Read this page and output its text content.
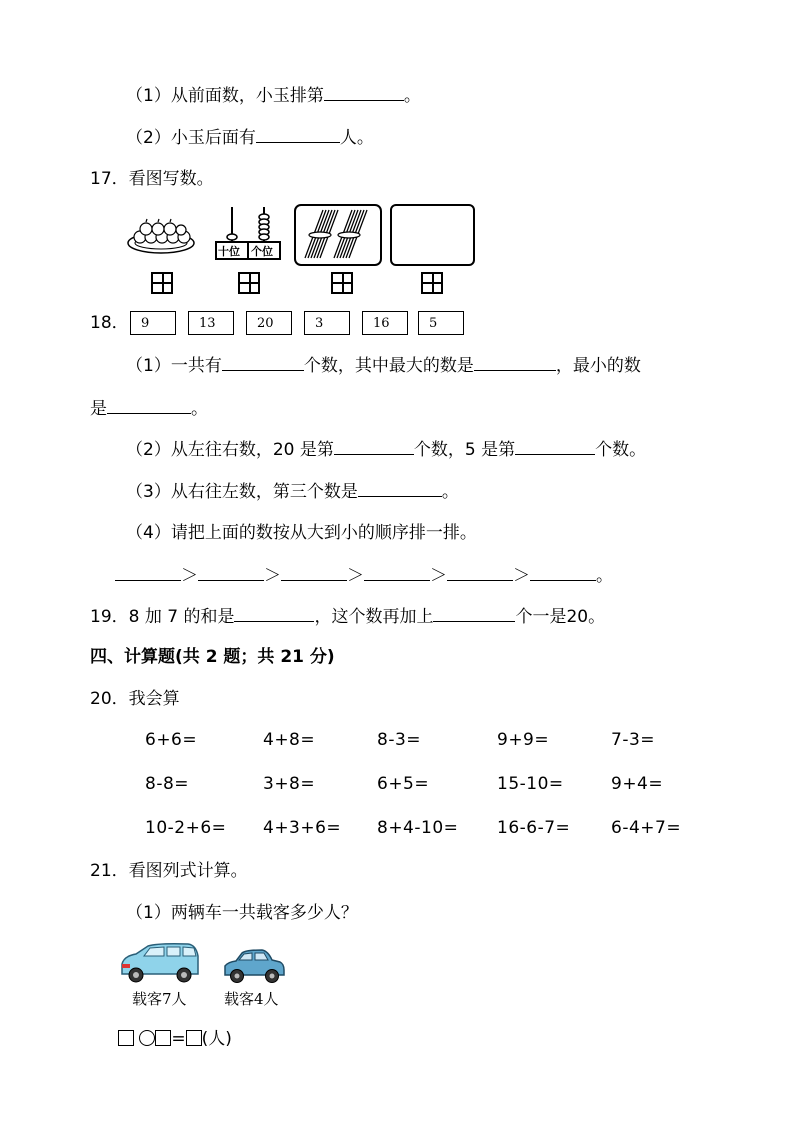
（1）从前面数，小玉排第	。
（2）小玉后面有	人。
17．看图写数。
十位 个位
18． 9	13	20	3	16	5
（1）一共有	个数，其中最大的数是	，最小的数
是	。
（2）从左往右数，20 是第	个数，5 是第	个数。
（3）从右往左数，第三个数是	。
（4）请把上面的数按从大到小的顺序排一排。
＞	＞	＞	＞	＞	。
19．8 加 7 的和是	，这个数再加上	个一是20。
四、计算题(共 2 题；共 21 分)
20．我会算
6+6=	4+8=	8-3=	9+9=	7-3=
8-8=	3+8=	6+5=	15-10=	9+4=
10-2+6= 4+3+6= 8+4-10= 16-6-7= 6-4+7=
21．看图列式计算。
（1）两辆车一共载客多少人？
载客7人 载客4人
= (人)
